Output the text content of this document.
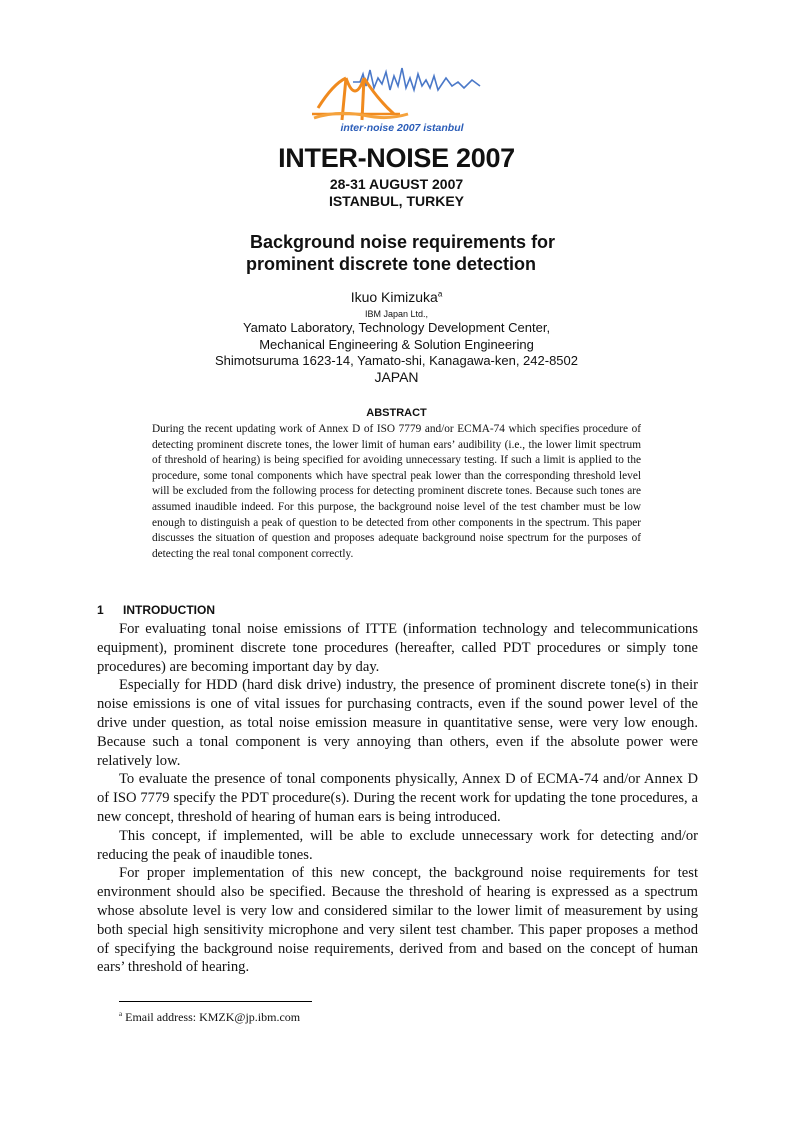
inter·noise 2007 istanbul
INTER-NOISE 2007
28-31 AUGUST 2007
ISTANBUL, TURKEY
Background noise requirements for
prominent discrete tone detection
Ikuo Kimizuka$^a$
IBM Japan Ltd.,
Yamato Laboratory, Technology Development Center,
Mechanical Engineering & Solution Engineering
Shimotsuruma 1623-14, Yamato-shi, Kanagawa-ken, 242-8502
JAPAN
ABSTRACT
During the recent updating work of Annex D of ISO 7779 and/or ECMA-74 which specifies procedure of detecting prominent discrete tones, the lower limit of human ears’ audibility (i.e., the lower limit spectrum of threshold of hearing) is being specified for avoiding unnecessary testing. If such a limit is applied to the procedure, some tonal components which have spectral peak lower than the corresponding threshold level will be excluded from the following process for detecting prominent discrete tones. Because such tones are assumed inaudible indeed. For this purpose, the background noise level of the test chamber must be low enough to distinguish a peak of question to be detected from other components in the spectrum. This paper discusses the situation of question and proposes adequate background noise spectrum for the purposes of detecting the real tonal component correctly.
1 INTRODUCTION

For evaluating tonal noise emissions of ITTE (information technology and telecommunications equipment), prominent discrete tone procedures (hereafter, called PDT procedures or simply tone procedures) are becoming important day by day.

Especially for HDD (hard disk drive) industry, the presence of prominent discrete tone(s) in their noise emissions is one of vital issues for purchasing contracts, even if the sound power level of the drive under question, as total noise emission measure in quantitative sense, were very low enough. Because such a tonal component is very annoying than others, even if the absolute power were relatively low.

To evaluate the presence of tonal components physically, Annex D of ECMA-74 and/or Annex D of ISO 7779 specify the PDT procedure(s). During the recent work for updating the tone procedures, a new concept, threshold of hearing of human ears is being introduced.

This concept, if implemented, will be able to exclude unnecessary work for detecting and/or reducing the peak of inaudible tones.

For proper implementation of this new concept, the background noise requirements for test environment should also be specified. Because the threshold of hearing is expressed as a spectrum whose absolute level is very low and considered similar to the lower limit of measurement by using both special high sensitivity microphone and very silent test chamber. This paper proposes a method of specifying the background noise requirements, derived from and based on the concept of human ears’ threshold of hearing.

$^a$ Email address: KMZK@jp.ibm.com
